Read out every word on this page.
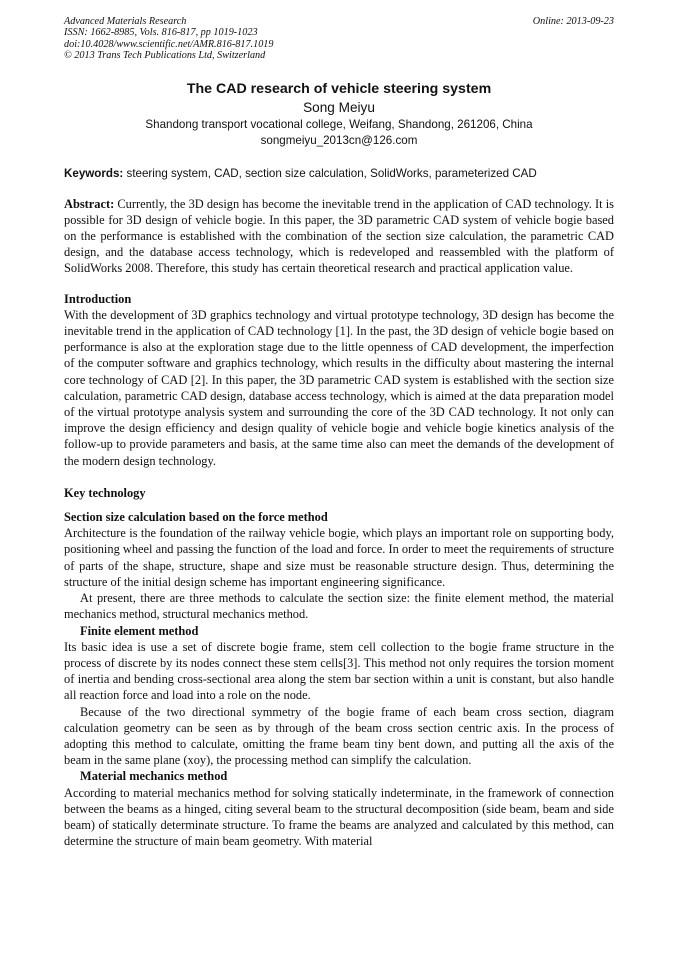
Advanced Materials Research
ISSN: 1662-8985, Vols. 816-817, pp 1019-1023
doi:10.4028/www.scientific.net/AMR.816-817.1019
© 2013 Trans Tech Publications Ltd, Switzerland
Online: 2013-09-23
The CAD research of vehicle steering system
Song Meiyu
Shandong transport vocational college, Weifang, Shandong, 261206, China
songmeiyu_2013cn@126.com
Keywords: steering system, CAD, section size calculation, SolidWorks, parameterized CAD

Abstract: Currently, the 3D design has become the inevitable trend in the application of CAD technology. It is possible for 3D design of vehicle bogie. In this paper, the 3D parametric CAD system of vehicle bogie based on the performance is established with the combination of the section size calculation, the parametric CAD design, and the database access technology, which is redeveloped and reassembled with the platform of SolidWorks 2008. Therefore, this study has certain theoretical research and practical application value.

Introduction

With the development of 3D graphics technology and virtual prototype technology, 3D design has become the inevitable trend in the application of CAD technology [1]. In the past, the 3D design of vehicle bogie based on performance is also at the exploration stage due to the little openness of CAD development, the imperfection of the computer software and graphics technology, which results in the difficulty about mastering the internal core technology of CAD [2]. In this paper, the 3D parametric CAD system is established with the section size calculation, parametric CAD design, database access technology, which is aimed at the data preparation model of the virtual prototype analysis system and surrounding the core of the 3D CAD technology. It not only can improve the design efficiency and design quality of vehicle bogie and vehicle bogie kinetics analysis of the follow-up to provide parameters and basis, at the same time also can meet the demands of the development of the modern design technology.

Key technology
Section size calculation based on the force method

Architecture is the foundation of the railway vehicle bogie, which plays an important role on supporting body, positioning wheel and passing the function of the load and force. In order to meet the requirements of structure of parts of the shape, structure, shape and size must be reasonable structure design. Thus, determining the structure of the initial design scheme has important engineering significance.

At present, there are three methods to calculate the section size: the finite element method, the material mechanics method, structural mechanics method.

Finite element method

Its basic idea is use a set of discrete bogie frame, stem cell collection to the bogie frame structure in the process of discrete by its nodes connect these stem cells[3]. This method not only requires the torsion moment of inertia and bending cross-sectional area along the stem bar section within a unit is constant, but also handle all reaction force and load into a role on the node.

Because of the two directional symmetry of the bogie frame of each beam cross section, diagram calculation geometry can be seen as by through of the beam cross section centric axis. In the process of adopting this method to calculate, omitting the frame beam tiny bent down, and putting all the axis of the beam in the same plane (xoy), the processing method can simplify the calculation.

Material mechanics method

According to material mechanics method for solving statically indeterminate, in the framework of connection between the beams as a hinged, citing several beam to the structural decomposition (side beam, beam and side beam) of statically determinate structure. To frame the beams are analyzed and calculated by this method, can determine the structure of main beam geometry. With material
